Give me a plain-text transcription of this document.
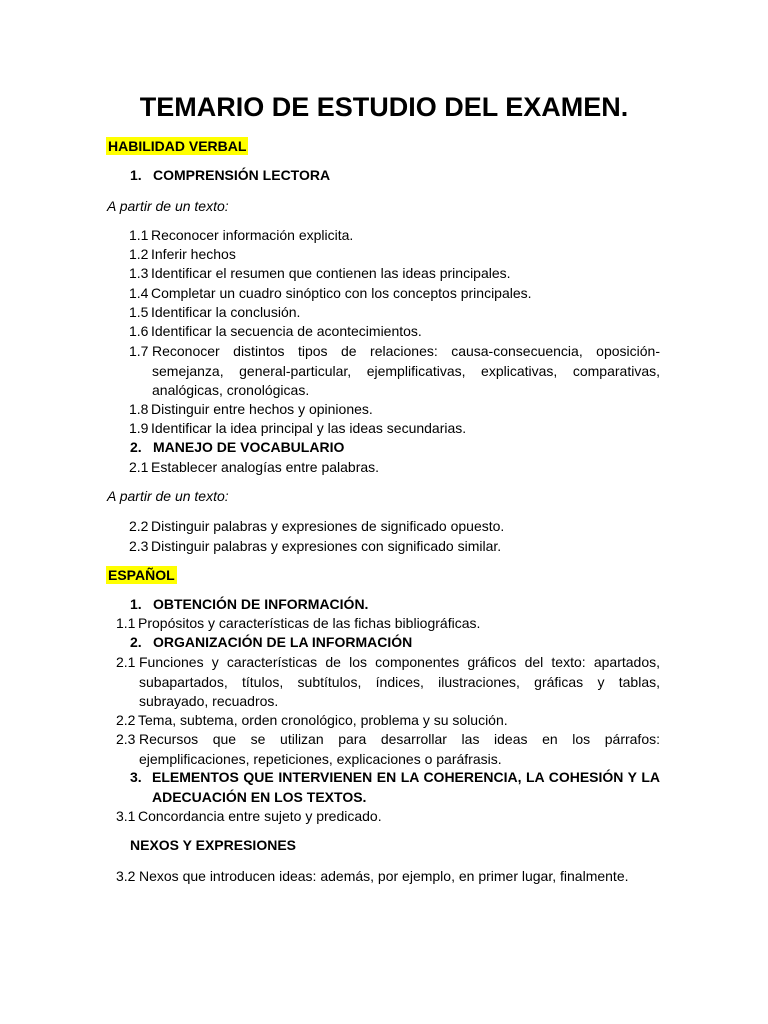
TEMARIO DE ESTUDIO DEL EXAMEN.
HABILIDAD VERBAL
1. COMPRENSIÓN LECTORA
A partir de un texto:
1.1 Reconocer información explicita.
1.2 Inferir hechos
1.3 Identificar el resumen que contienen las ideas principales.
1.4 Completar un cuadro sinóptico con los conceptos principales.
1.5 Identificar la conclusión.
1.6 Identificar la secuencia de acontecimientos.
1.7 Reconocer distintos tipos de relaciones: causa-consecuencia, oposición-semejanza, general-particular, ejemplificativas, explicativas, comparativas, analógicas, cronológicas.
1.8 Distinguir entre hechos y opiniones.
1.9 Identificar la idea principal y las ideas secundarias.
2. MANEJO DE VOCABULARIO
2.1 Establecer analogías entre palabras.
A partir de un texto:
2.2 Distinguir palabras y expresiones de significado opuesto.
2.3 Distinguir palabras y expresiones con significado similar.
ESPAÑOL
1. OBTENCIÓN DE INFORMACIÓN.
1.1 Propósitos y características de las fichas bibliográficas.
2. ORGANIZACIÓN DE LA INFORMACIÓN
2.1 Funciones y características de los componentes gráficos del texto: apartados, subapartados, títulos, subtítulos, índices, ilustraciones, gráficas y tablas, subrayado, recuadros.
2.2 Tema, subtema, orden cronológico, problema y su solución.
2.3 Recursos que se utilizan para desarrollar las ideas en los párrafos: ejemplificaciones, repeticiones, explicaciones o paráfrasis.
3. ELEMENTOS QUE INTERVIENEN EN LA COHERENCIA, LA COHESIÓN Y LA ADECUACIÓN EN LOS TEXTOS.
3.1 Concordancia entre sujeto y predicado.
NEXOS Y EXPRESIONES
3.2 Nexos que introducen ideas: además, por ejemplo, en primer lugar, finalmente.
